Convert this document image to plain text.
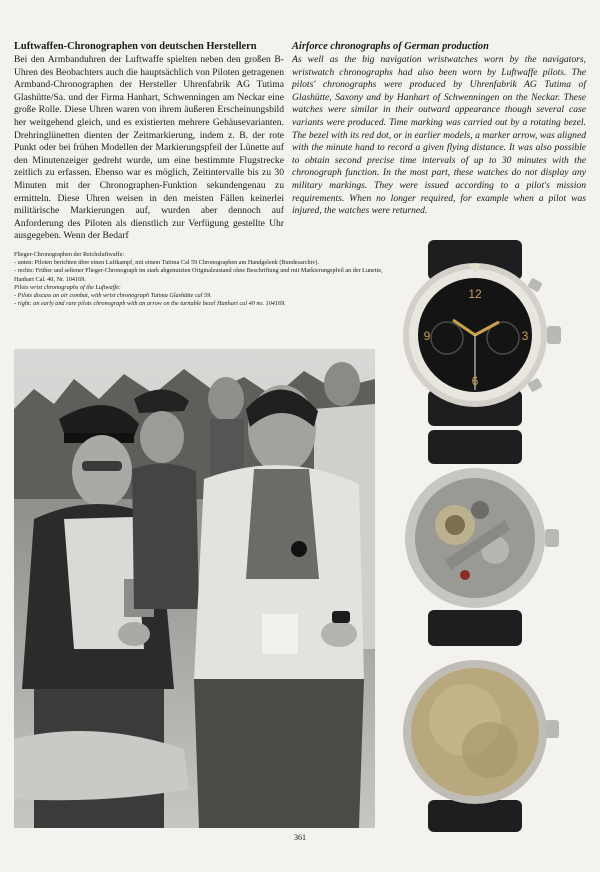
Luftwaffen-Chronographen von deutschen Herstellern

Bei den Armbanduhren der Luftwaffe spielten neben den großen B-Uhren des Beobachters auch die hauptsächlich von Piloten getragenen Armband-Chronographen der Hersteller Uhrenfabrik AG Tutima Glashütte/Sa. und der Firma Hanhart, Schwenningen am Neckar eine große Rolle. Diese Uhren waren von ihrem äußeren Erscheinungsbild her weitgehend gleich, und es existierten mehrere Gehäusevarianten. Drehringlünetten dienten der Zeitmarkierung, indem z. B. der rote Punkt oder bei frühen Modellen der Markierungspfeil der Lünette auf den Minutenzeiger gedreht wurde, um eine bestimmte Flugstrecke zeitlich zu erfassen. Ebenso war es möglich, Zeitintervalle bis zu 30 Minuten mit der Chronographen-Funktion sekundengenau zu ermitteln. Diese Uhren weisen in den meisten Fällen keinerlei militärische Markierungen auf, wurden aber dennoch auf Anforderung des Piloten als dienstlich zur Verfügung gestellte Uhr ausgegeben. Wenn der Bedarf

Airforce chronographs of German production

As well as the big navigation wristwatches worn by the navigators, wristwatch chronographs had also been worn by Luftwaffe pilots. The pilots' chronographs were produced by Uhrenfabrik AG Tutima of Glashütte, Saxony and by Hanhart of Schwenningen on the Neckar. These watches were similar in their outward appearance though several case variants were produced. Time marking was carried out by a rotating bezel. The bezel with its red dot, or in earlier models, a marker arrow, was aligned with the minute hand to record a given flying distance. It was also possible to obtain second precise time intervals of up to 30 minutes with the chronograph function. In the most part, these watches do not display any military markings. They were issued according to a pilot's mission requirements. When no longer required, for example when a pilot was injured, the watches were returned.

Flieger-Chronographen der Reichsluftwaffe:

- unten: Piloten berichten über einen Luftkampf, mit einem Tutima Cal 59 Chronographen am Handgelenk (Bundesarchiv).

- rechts: Früher und seltener Flieger-Chronograph im stark abgenutzten Originalzustand ohne Beschriftung und mit Markierungspfeil an der Lunette, Hanhart Cal. 40, Nr. 104169.

Pilots wrist chronographs of the Luftwaffe:

- Pilots discuss an air combat, with wrist chronograph Tutima Glashütte cal 59.

- right: an early and rare pilots chronograph with an arrow on the turnable bezel Hanhart cal 40 no. 104169.

12
3
6
9
361
